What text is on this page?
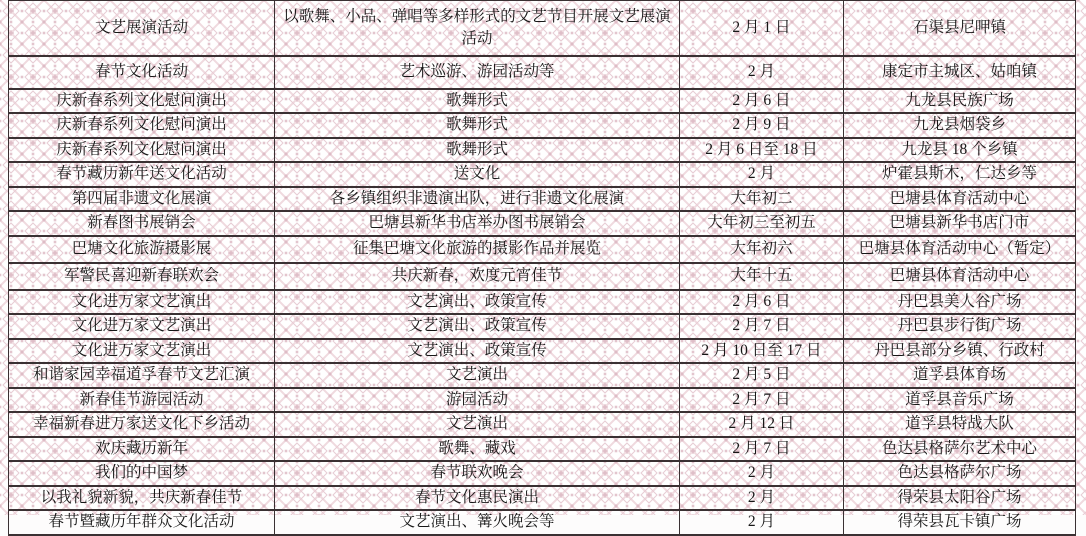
文艺展演活动	以歌舞、小品、弹唱等多样形式的文艺节目开展文艺展演活动	2 月 1 日	石渠县尼呷镇
春节文化活动	艺术巡游、游园活动等	2 月	康定市主城区、姑咱镇
庆新春系列文化慰问演出	歌舞形式	2 月 6 日	九龙县民族广场
庆新春系列文化慰问演出	歌舞形式	2 月 9 日	九龙县烟袋乡
庆新春系列文化慰问演出	歌舞形式	2 月 6 日至 18 日	九龙县 18 个乡镇
春节藏历新年送文化活动	送文化	2 月	炉霍县斯木，仁达乡等
第四届非遗文化展演	各乡镇组织非遗演出队，进行非遗文化展演	大年初二	巴塘县体育活动中心
新春图书展销会	巴塘县新华书店举办图书展销会	大年初三至初五	巴塘县新华书店门市
巴塘文化旅游摄影展	征集巴塘文化旅游的摄影作品并展览	大年初六	巴塘县体育活动中心（暂定）
军警民喜迎新春联欢会	共庆新春，欢度元宵佳节	大年十五	巴塘县体育活动中心
文化进万家文艺演出	文艺演出、政策宣传	2 月 6 日	丹巴县美人谷广场
文化进万家文艺演出	文艺演出、政策宣传	2 月 7 日	丹巴县步行街广场
文化进万家文艺演出	文艺演出、政策宣传	2 月 10 日至 17 日	丹巴县部分乡镇、行政村
和谐家园幸福道孚春节文艺汇演	文艺演出	2 月 5 日	道孚县体育场
新春佳节游园活动	游园活动	2 月 7 日	道孚县音乐广场
幸福新春进万家送文化下乡活动	文艺演出	2 月 12 日	道孚县特战大队
欢庆藏历新年	歌舞、藏戏	2 月 7 日	色达县格萨尔艺术中心
我们的中国梦	春节联欢晚会	2 月	色达县格萨尔广场
以我礼貌新貌，共庆新春佳节	春节文化惠民演出	2 月	得荣县太阳谷广场
春节暨藏历年群众文化活动	文艺演出、篝火晚会等	2 月	得荣县瓦卡镇广场
